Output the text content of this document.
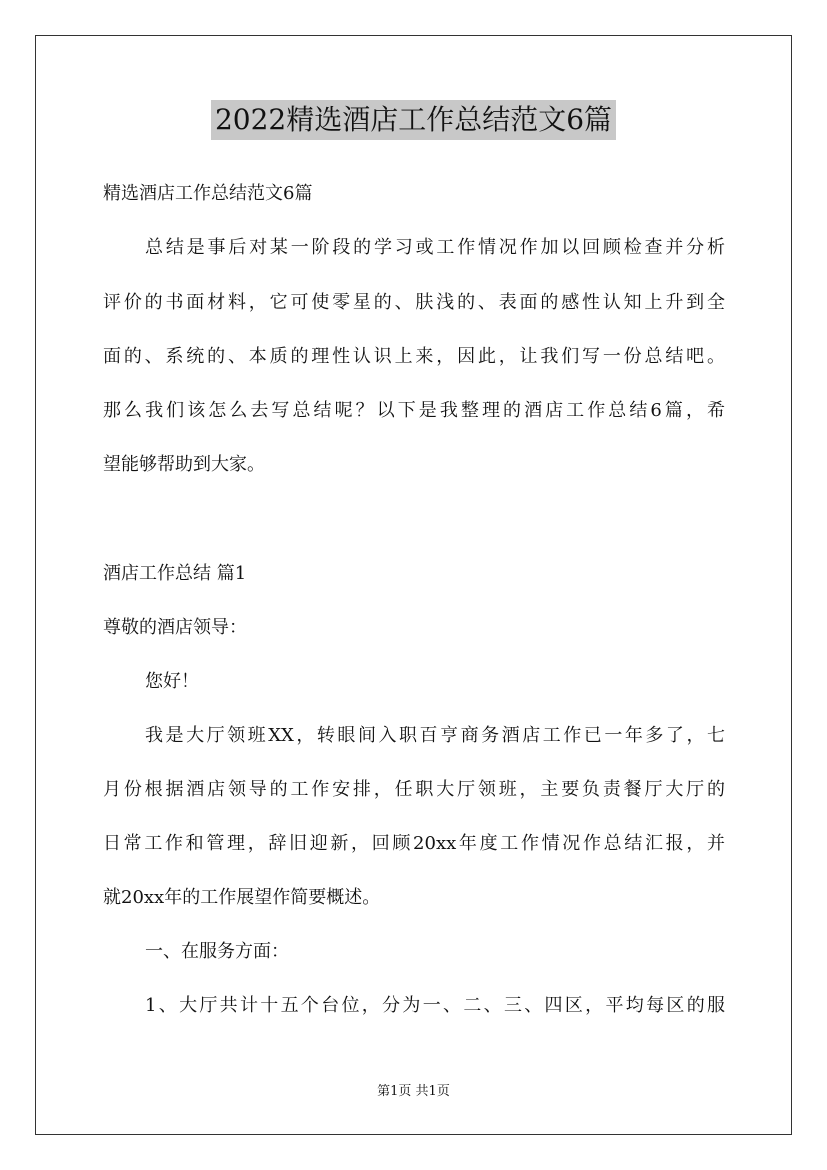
2022精选酒店工作总结范文6篇
精选酒店工作总结范文6篇
总结是事后对某一阶段的学习或工作情况作加以回顾检查并分析
评价的书面材料，它可使零星的、肤浅的、表面的感性认知上升到全
面的、系统的、本质的理性认识上来，因此，让我们写一份总结吧。
那么我们该怎么去写总结呢？以下是我整理的酒店工作总结6篇，希
望能够帮助到大家。
酒店工作总结 篇1
尊敬的酒店领导：
您好！
我是大厅领班XX，转眼间入职百亨商务酒店工作已一年多了，七
月份根据酒店领导的工作安排，任职大厅领班，主要负责餐厅大厅的
日常工作和管理，辞旧迎新，回顾20xx年度工作情况作总结汇报，并
就20xx年的工作展望作简要概述。
一、在服务方面：
1、大厅共计十五个台位，分为一、二、三、四区，平均每区的服
第1页 共1页
